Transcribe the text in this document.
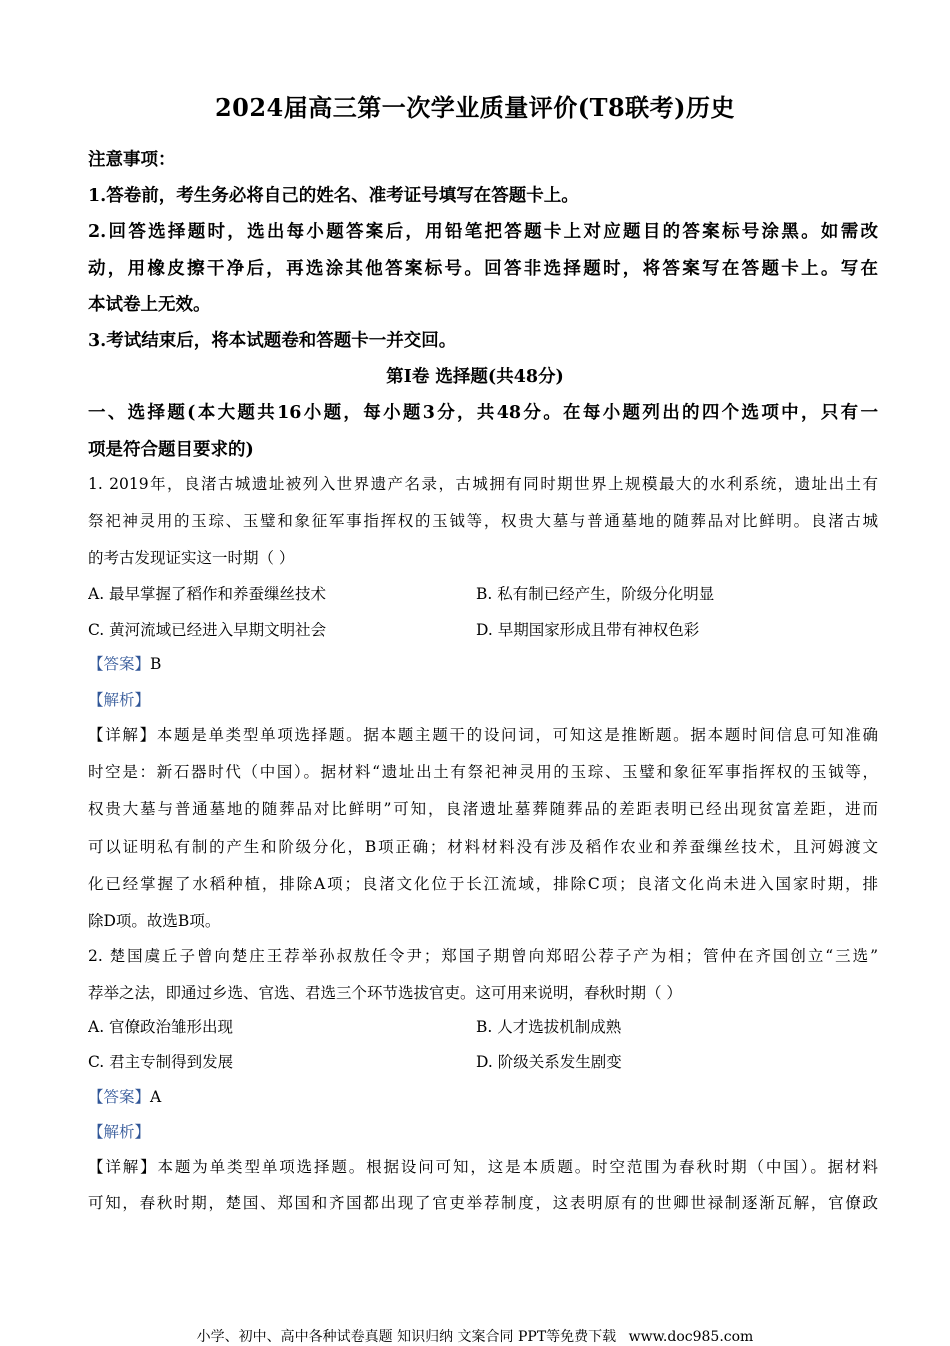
2024届高三第一次学业质量评价(T8联考)历史
注意事项：
1.答卷前，考生务必将自己的姓名、准考证号填写在答题卡上。
2.回答选择题时，选出每小题答案后，用铅笔把答题卡上对应题目的答案标号涂黑。如需改
动，用橡皮擦干净后，再选涂其他答案标号。回答非选择题时，将答案写在答题卡上。写在
本试卷上无效。
3.考试结束后，将本试题卷和答题卡一并交回。
第Ⅰ卷 选择题(共48分)
一、选择题(本大题共16小题，每小题3分，共48分。在每小题列出的四个选项中，只有一
项是符合题目要求的)
1. 2019年，良渚古城遗址被列入世界遗产名录，古城拥有同时期世界上规模最大的水利系统，遗址出土有
祭祀神灵用的玉琮、玉璧和象征军事指挥权的玉钺等，权贵大墓与普通墓地的随葬品对比鲜明。良渚古城
的考古发现证实这一时期（ ）
A. 最早掌握了稻作和养蚕缫丝技术	B. 私有制已经产生，阶级分化明显
C. 黄河流域已经进入早期文明社会	D. 早期国家形成且带有神权色彩
【答案】B
【解析】
【详解】本题是单类型单项选择题。据本题主题干的设问词，可知这是推断题。据本题时间信息可知准确
时空是：新石器时代（中国）。据材料“遗址出土有祭祀神灵用的玉琮、玉璧和象征军事指挥权的玉钺等，
权贵大墓与普通墓地的随葬品对比鲜明”可知，良渚遗址墓葬随葬品的差距表明已经出现贫富差距，进而
可以证明私有制的产生和阶级分化，B项正确；材料材料没有涉及稻作农业和养蚕缫丝技术，且河姆渡文
化已经掌握了水稻种植，排除A项；良渚文化位于长江流域，排除C项；良渚文化尚未进入国家时期，排
除D项。故选B项。
2. 楚国虞丘子曾向楚庄王荐举孙叔敖任令尹；郑国子期曾向郑昭公荐子产为相；管仲在齐国创立“三选”
荐举之法，即通过乡选、官选、君选三个环节选拔官吏。这可用来说明，春秋时期（ ）
A. 官僚政治雏形出现	B. 人才选拔机制成熟
C. 君主专制得到发展	D. 阶级关系发生剧变
【答案】A
【解析】
【详解】本题为单类型单项选择题。根据设问可知，这是本质题。时空范围为春秋时期（中国）。据材料
可知，春秋时期，楚国、郑国和齐国都出现了官吏举荐制度，这表明原有的世卿世禄制逐渐瓦解，官僚政
小学、初中、高中各种试卷真题 知识归纳 文案合同 PPT等免费下载 www.doc985.com
